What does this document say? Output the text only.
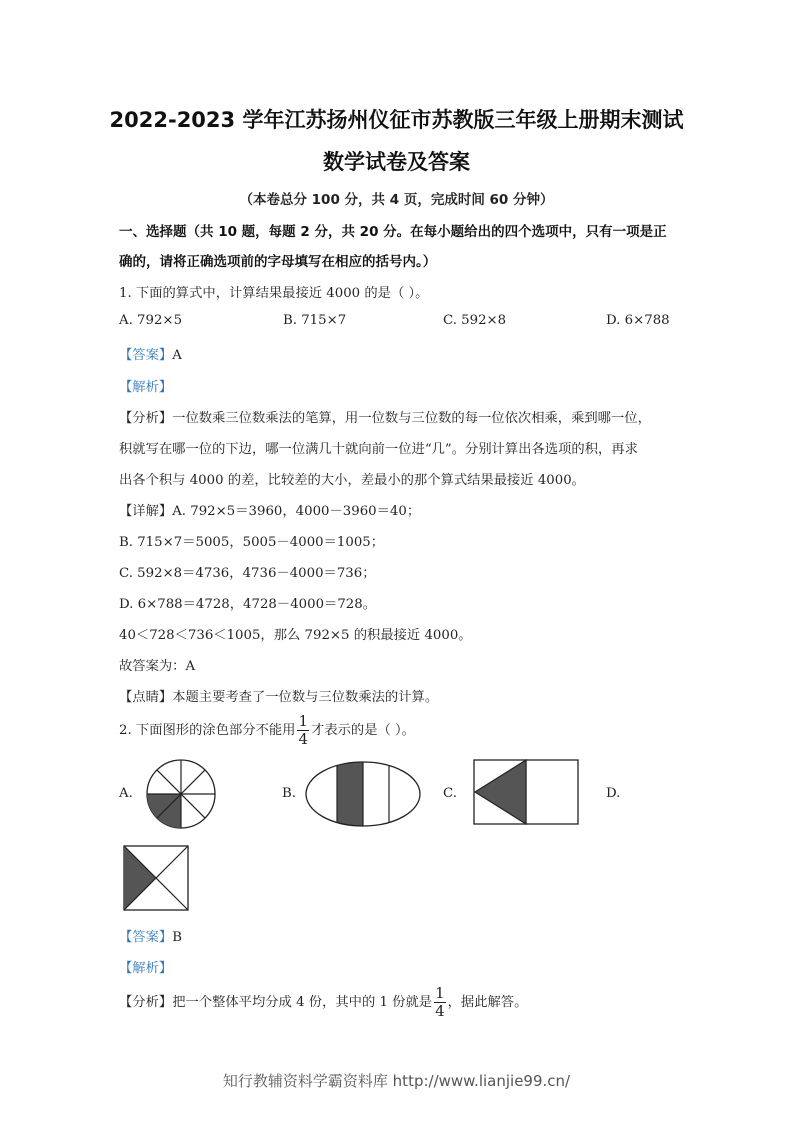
2022-2023 学年江苏扬州仪征市苏教版三年级上册期末测试
数学试卷及答案
（本卷总分 100 分，共 4 页，完成时间 60 分钟）
一、选择题（共 10 题，每题 2 分，共 20 分。在每小题给出的四个选项中，只有一项是正
确的，请将正确选项前的字母填写在相应的括号内。）
1. 下面的算式中，计算结果最接近 4000 的是（ ）。
A. 792×5	B. 715×7	C. 592×8	D. 6×788
【答案】A
【解析】
【分析】一位数乘三位数乘法的笔算，用一位数与三位数的每一位依次相乘，乘到哪一位，
积就写在哪一位的下边，哪一位满几十就向前一位进“几”。分别计算出各选项的积，再求
出各个积与 4000 的差，比较差的大小，差最小的那个算式结果最接近 4000。
【详解】A. 792×5＝3960，4000－3960＝40；
B. 715×7＝5005，5005－4000＝1005；
C. 592×8＝4736，4736－4000＝736；
D. 6×788＝4728，4728－4000＝728。
40＜728＜736＜1005，那么 792×5 的积最接近 4000。
故答案为：A
【点睛】本题主要考查了一位数与三位数乘法的计算。
2. 下面图形的涂色部分不能用 $\frac{1}{4}$ 才表示的是（ ）。
A.	B.	C.	D.
【答案】B
【解析】
【分析】把一个整体平均分成 4 份，其中的 1 份就是 $\frac{1}{4}$ ，据此解答。
知行教辅资料学霸资料库 http://www.lianjie99.cn/
